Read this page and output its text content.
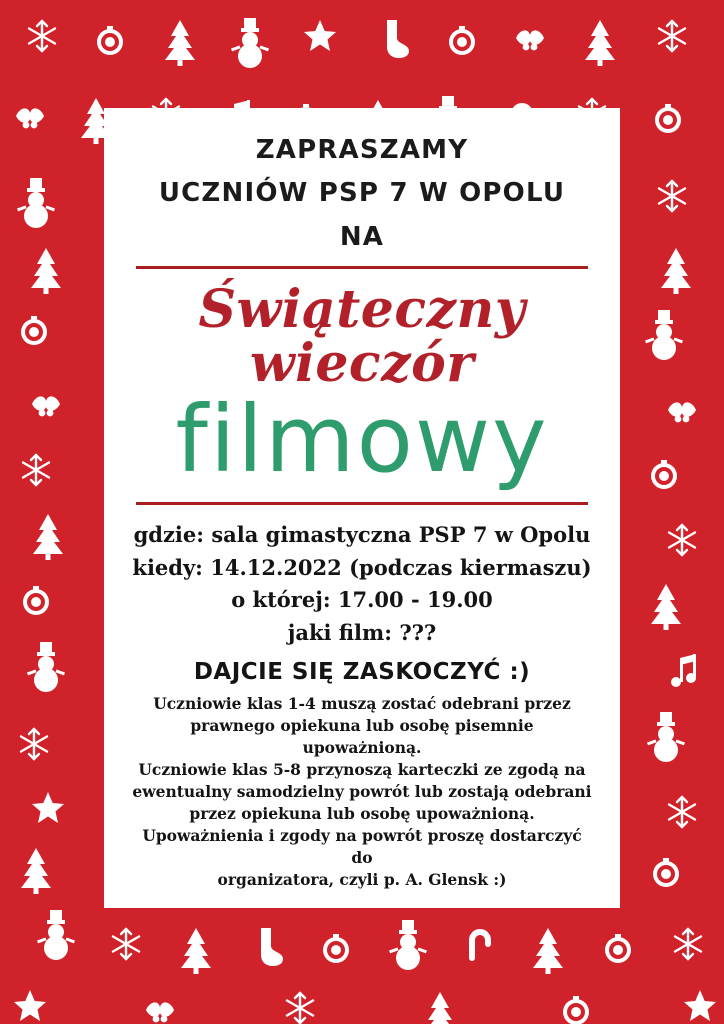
ZAPRASZAMY
UCZNIÓW PSP 7 W OPOLU
NA
Świąteczny wieczór
filmowy
gdzie: sala gimastyczna PSP 7 w Opolu
kiedy: 14.12.2022 (podczas kiermaszu)
o której: 17.00 - 19.00
jaki film: ???
DAJCIE SIĘ ZASKOCZYĆ :)

Uczniowie klas 1-4 muszą zostać odebrani przez

prawnego opiekuna lub osobę pisemnie upoważnioną.

Uczniowie klas 5-8 przynoszą karteczki ze zgodą na

ewentualny samodzielny powrót lub zostają odebrani

przez opiekuna lub osobę upoważnioną.

Upoważnienia i zgody na powrót proszę dostarczyć do

organizatora, czyli p. A. Glensk :)
